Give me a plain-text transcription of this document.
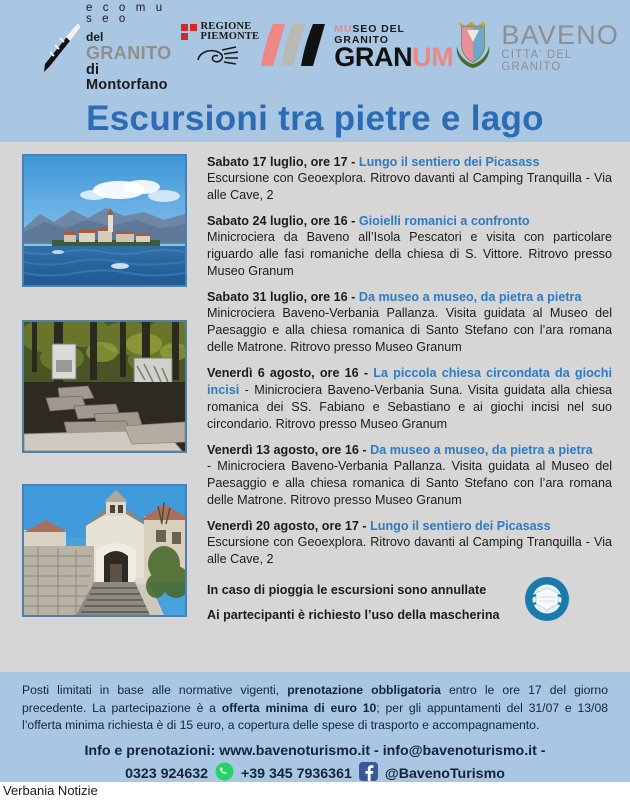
e c o m u s e o
del GRANITO
di Montorfano
REGIONE
PIEMONTE
MUSEO DEL GRANITO
GRANUM
BAVENO
CITTA' DEL GRANITO
Escursioni tra pietre e lago
Sabato 17 luglio, ore 17 - Lungo il sentiero dei Picasass
Escursione con Geoexplora. Ritrovo davanti al Camping Tranquilla - Via alle Cave, 2
Sabato 24 luglio, ore 16 - Gioielli romanici a confronto
Minicrociera da Baveno all’Isola Pescatori e visita con particolare riguardo alle fasi romaniche della chiesa di S. Vittore. Ritrovo presso Museo Granum
Sabato 31 luglio, ore 16 - Da museo a museo, da pietra a pietra
Minicrociera Baveno-Verbania Pallanza. Visita guidata al Museo del Paesaggio e alla chiesa romanica di Santo Stefano con l’ara romana delle Matrone. Ritrovo presso Museo Granum
Venerdì 6 agosto, ore 16 - La piccola chiesa circondata da giochi incisi - Minicrociera Baveno-Verbania Suna. Visita guidata alla chiesa romanica dei SS. Fabiano e Sebastiano e ai giochi incisi nel suo circondario. Ritrovo presso Museo Granum
Venerdì 13 agosto, ore 16 - Da museo a museo, da pietra a pietra
- Minicrociera Baveno-Verbania Pallanza. Visita guidata al Museo del Paesaggio e alla chiesa romanica di Santo Stefano con l’ara romana delle Matrone. Ritrovo presso Museo Granum
Venerdì 20 agosto, ore 17 - Lungo il sentiero dei Picasass
Escursione con Geoexplora. Ritrovo davanti al Camping Tranquilla - Via alle Cave, 2
In caso di pioggia le escursioni sono annullate
Ai partecipanti è richiesto l’uso della mascherina
Posti limitati in base alle normative vigenti, prenotazione obbligatoria entro le ore 17 del giorno precedente. La partecipazione è a offerta minima di euro 10; per gli appuntamenti del 31/07 e 13/08 l’offerta minima richiesta è di 15 euro, a copertura delle spese di trasporto e accompagnamento.
Info e prenotazioni: www.bavenoturismo.it - info@bavenoturismo.it -
0323 924632 +39 345 7936361 @BavenoTurismo
Verbania Notizie
